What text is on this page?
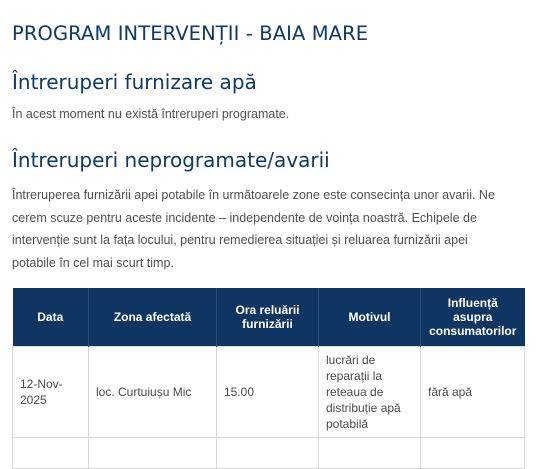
PROGRAM INTERVENȚII - BAIA MARE
Întreruperi furnizare apă

În acest moment nu există întreruperi programate.

Întreruperi neprogramate/avarii

Întreruperea furnizării apei potabile în următoarele zone este consecința unor avarii. Ne cerem scuze pentru aceste incidente – independente de voința noastră. Echipele de intervenție sunt la fața locului, pentru remedierea situației și reluarea furnizării apei potabile în cel mai scurt timp.

Data	Zona afectată	Ora reluării furnizării	Motivul	Influență asupra consumatorilor
12-Nov-2025	loc. Curtuiușu Mic	15.00	lucrări de reparații la reteaua de distribuție apă potabilă	fără apă
